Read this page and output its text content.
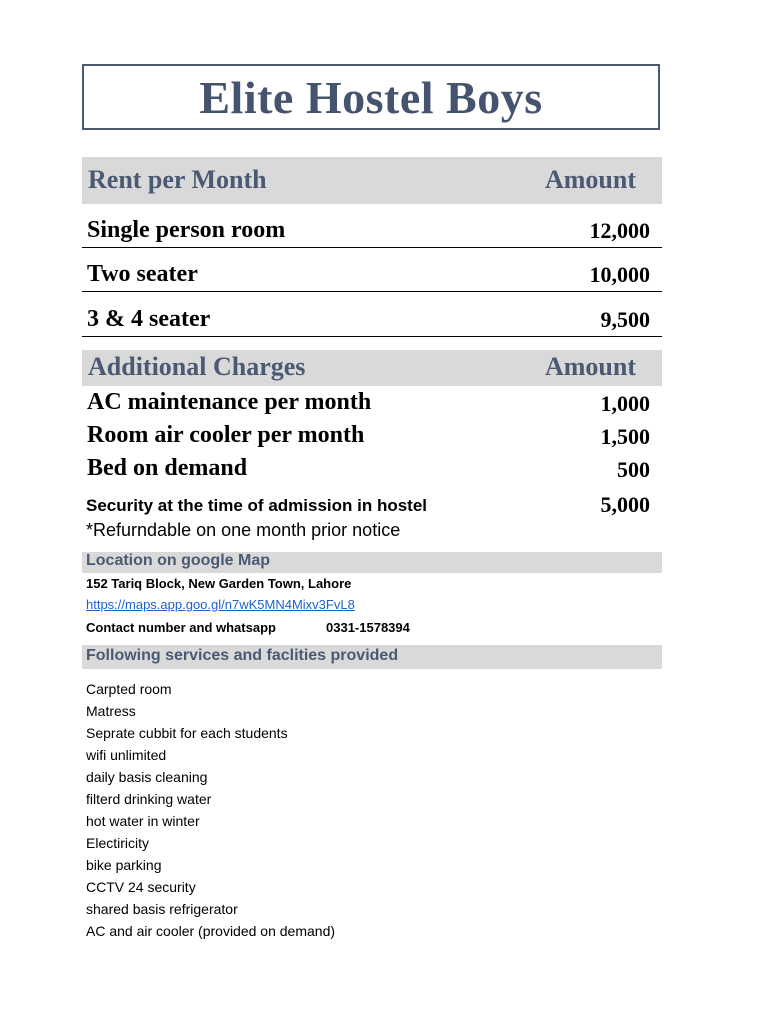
Elite Hostel Boys
Rent per Month	Amount
Single person room	12,000
Two seater	10,000
3 & 4 seater	9,500
Additional Charges	Amount
AC maintenance per month	1,000
Room air cooler per month	1,500
Bed on demand	500
Security at the time of admission in hostel	5,000
*Refurndable on one month prior notice
Location on google Map
152 Tariq Block, New Garden Town, Lahore
https://maps.app.goo.gl/n7wK5MN4Mixv3FvL8
Contact number and whatsapp	0331-1578394
Following services and faclities provided
Carpted room
Matress
Seprate cubbit for each students
wifi unlimited
daily basis cleaning
filterd drinking water
hot water in winter
Electiricity
bike parking
CCTV 24 security
shared basis refrigerator
AC and air cooler (provided on demand)
